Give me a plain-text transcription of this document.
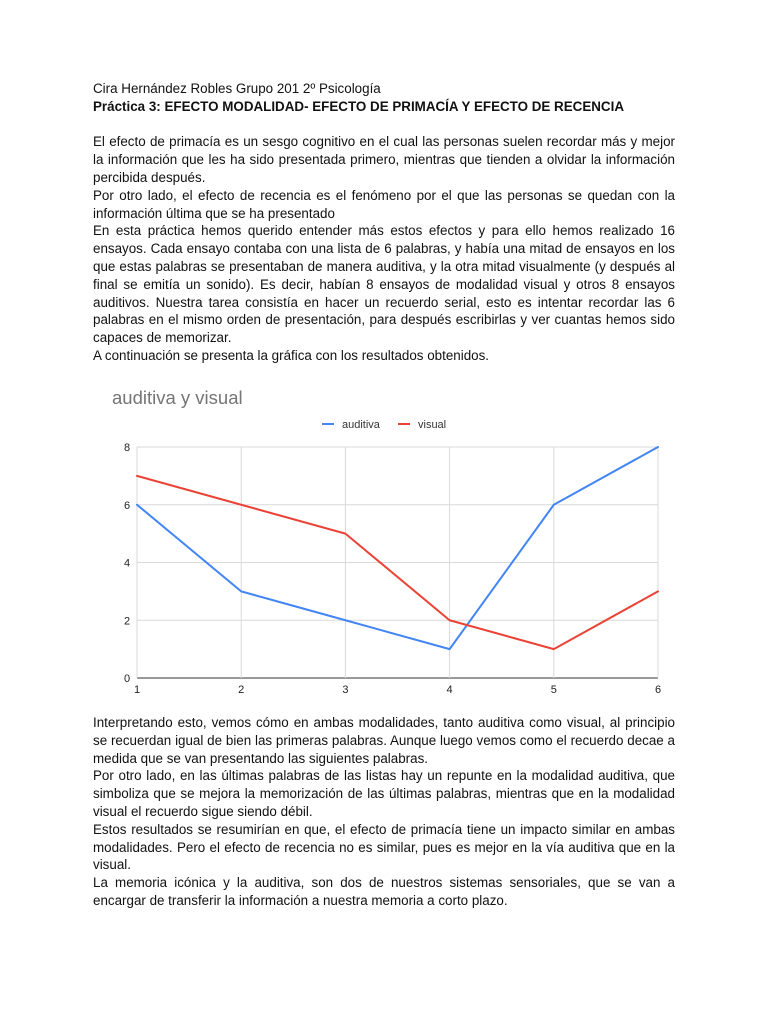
Cira Hernández Robles Grupo 201 2º Psicología
Práctica 3: EFECTO MODALIDAD- EFECTO DE PRIMACÍA Y EFECTO DE RECENCIA

El efecto de primacía es un sesgo cognitivo en el cual las personas suelen recordar más y mejor la información que les ha sido presentada primero, mientras que tienden a olvidar la información percibida después.

Por otro lado, el efecto de recencia es el fenómeno por el que las personas se quedan con la información última que se ha presentado

En esta práctica hemos querido entender más estos efectos y para ello hemos realizado 16 ensayos. Cada ensayo contaba con una lista de 6 palabras, y había una mitad de ensayos en los que estas palabras se presentaban de manera auditiva, y la otra mitad visualmente (y después al final se emitía un sonido). Es decir, habían 8 ensayos de modalidad visual y otros 8 ensayos auditivos. Nuestra tarea consistía en hacer un recuerdo serial, esto es intentar recordar las 6 palabras en el mismo orden de presentación, para después escribirlas y ver cuantas hemos sido capaces de memorizar.

A continuación se presenta la gráfica con los resultados obtenidos.

auditiva y visual
auditiva	visual
0
2
4
6
8
1	2	3	4	5	6

Interpretando esto, vemos cómo en ambas modalidades, tanto auditiva como visual, al principio se recuerdan igual de bien las primeras palabras. Aunque luego vemos como el recuerdo decae a medida que se van presentando las siguientes palabras.

Por otro lado, en las últimas palabras de las listas hay un repunte en la modalidad auditiva, que simboliza que se mejora la memorización de las últimas palabras, mientras que en la modalidad visual el recuerdo sigue siendo débil.

Estos resultados se resumirían en que, el efecto de primacía tiene un impacto similar en ambas modalidades. Pero el efecto de recencia no es similar, pues es mejor en la vía auditiva que en la visual.

La memoria icónica y la auditiva, son dos de nuestros sistemas sensoriales, que se van a encargar de transferir la información a nuestra memoria a corto plazo.
